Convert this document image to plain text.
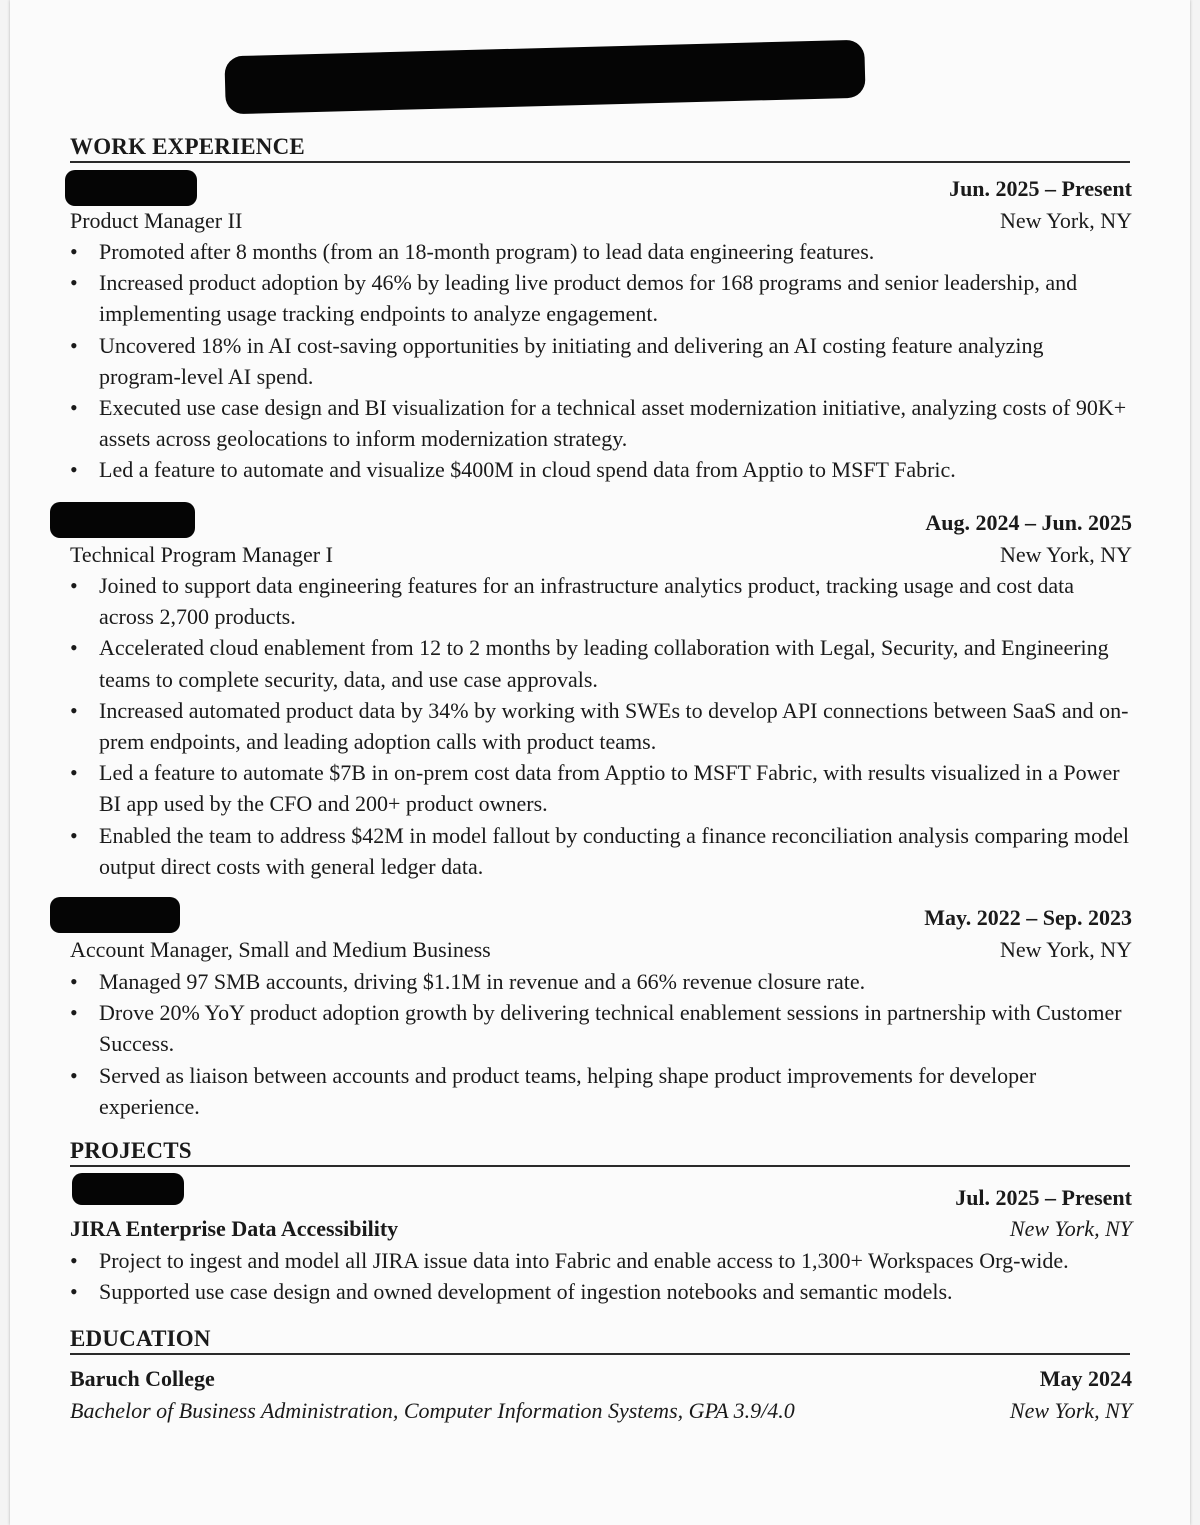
WORK EXPERIENCE
Jun. 2025 – Present
Product Manager II	New York, NY
• Promoted after 8 months (from an 18-month program) to lead data engineering features.
• Increased product adoption by 46% by leading live product demos for 168 programs and senior leadership, and implementing usage tracking endpoints to analyze engagement.
• Uncovered 18% in AI cost-saving opportunities by initiating and delivering an AI costing feature analyzing program-level AI spend.
• Executed use case design and BI visualization for a technical asset modernization initiative, analyzing costs of 90K+ assets across geolocations to inform modernization strategy.
• Led a feature to automate and visualize $400M in cloud spend data from Apptio to MSFT Fabric.
Aug. 2024 – Jun. 2025
Technical Program Manager I	New York, NY
• Joined to support data engineering features for an infrastructure analytics product, tracking usage and cost data across 2,700 products.
• Accelerated cloud enablement from 12 to 2 months by leading collaboration with Legal, Security, and Engineering teams to complete security, data, and use case approvals.
• Increased automated product data by 34% by working with SWEs to develop API connections between SaaS and on-prem endpoints, and leading adoption calls with product teams.
• Led a feature to automate $7B in on-prem cost data from Apptio to MSFT Fabric, with results visualized in a Power BI app used by the CFO and 200+ product owners.
• Enabled the team to address $42M in model fallout by conducting a finance reconciliation analysis comparing model output direct costs with general ledger data.
May. 2022 – Sep. 2023
Account Manager, Small and Medium Business	New York, NY
• Managed 97 SMB accounts, driving $1.1M in revenue and a 66% revenue closure rate.
• Drove 20% YoY product adoption growth by delivering technical enablement sessions in partnership with Customer Success.
• Served as liaison between accounts and product teams, helping shape product improvements for developer experience.
PROJECTS
Jul. 2025 – Present
JIRA Enterprise Data Accessibility	New York, NY
• Project to ingest and model all JIRA issue data into Fabric and enable access to 1,300+ Workspaces Org-wide.
• Supported use case design and owned development of ingestion notebooks and semantic models.
EDUCATION
Baruch College	May 2024
Bachelor of Business Administration, Computer Information Systems, GPA 3.9/4.0	New York, NY
